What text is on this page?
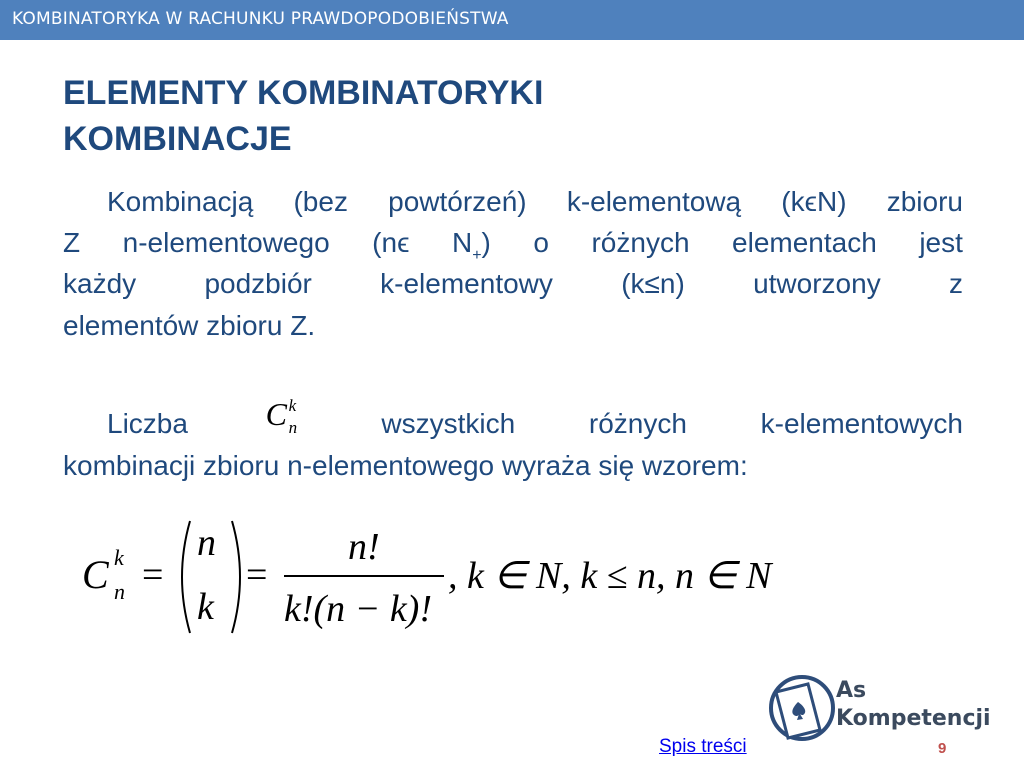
KOMBINATORYKA W RACHUNKU PRAWDOPODOBIEŃSTWA
ELEMENTY KOMBINATORYKI
KOMBINACJE
Kombinacją (bez powtórzeń) k-elementową (kϵN) zbioru
Z n-elementowego (nϵ $N_+$) o różnych elementach jest
każdy podzbiór k-elementowy (k≤n) utworzony z
elementów zbioru Z.
Liczba C k
n	wszystkich	różnych	k-elementowych
kombinacji zbioru n-elementowego wyraża się wzorem:
C k
n =
n
k
=
n!
k!(n − k)!
, k ∈ N, k ≤ n, n ∈ N
As
Kompetencji
Spis treści	9
